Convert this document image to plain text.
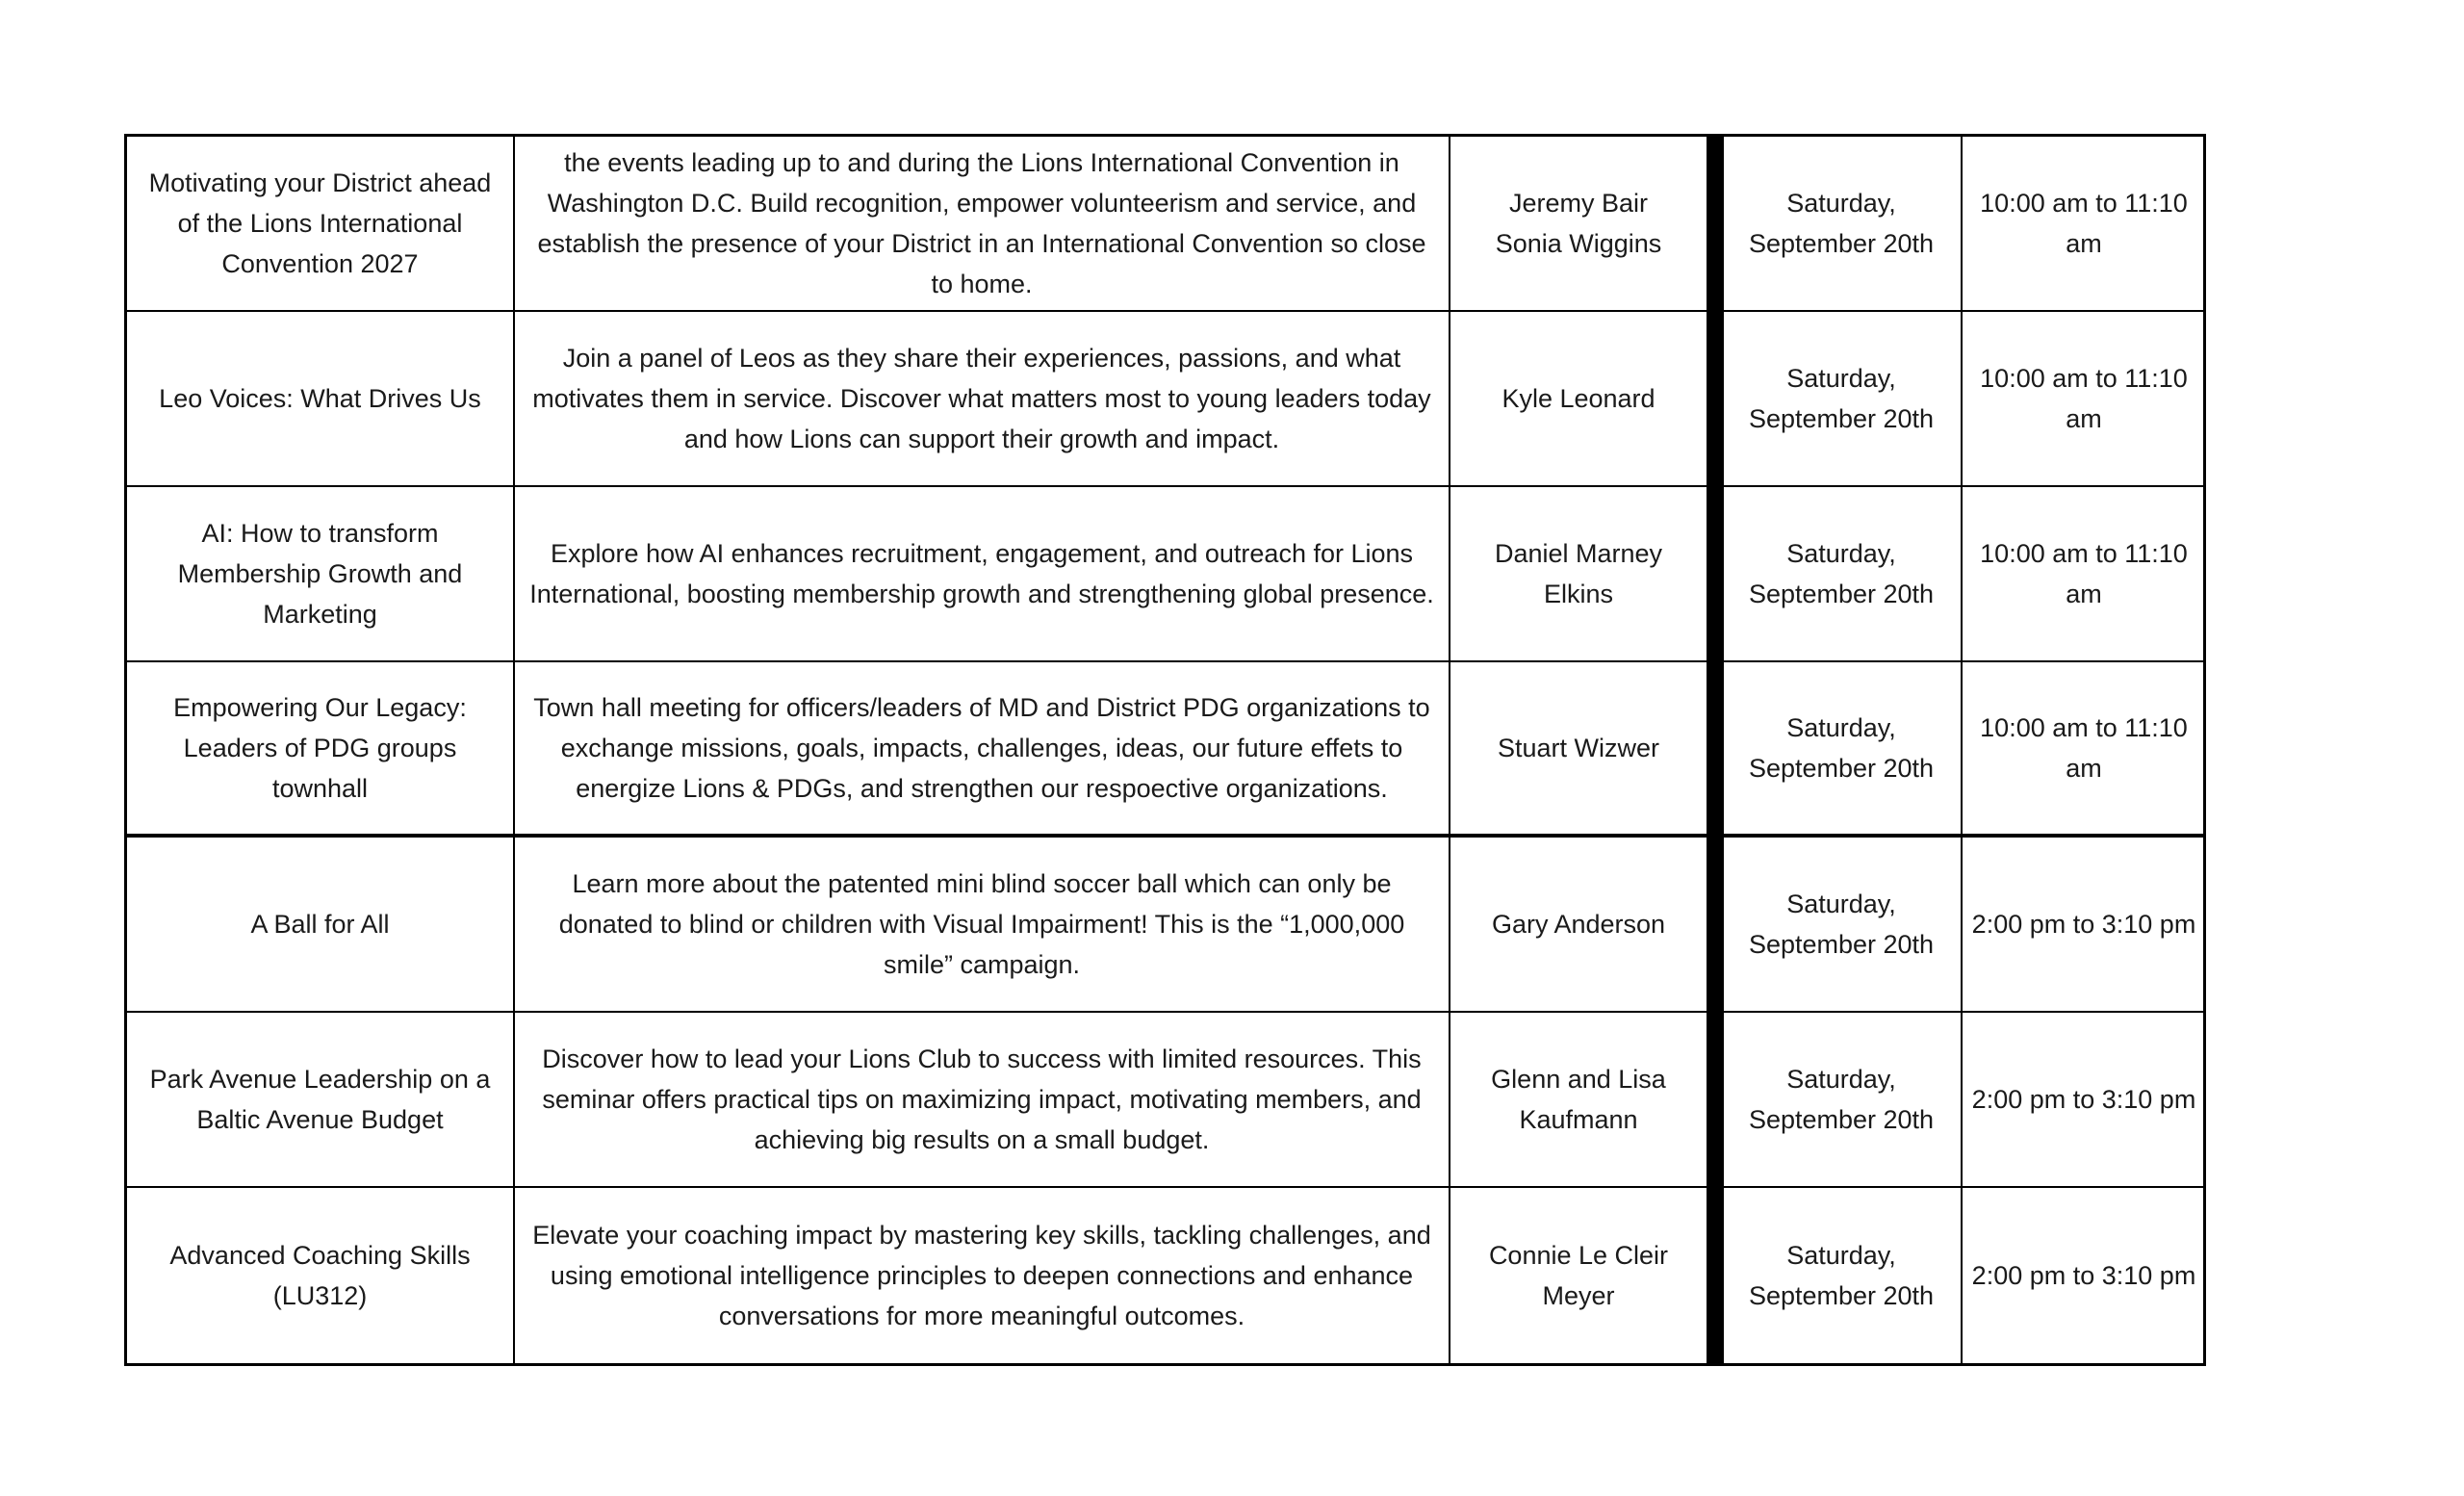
Motivating your District ahead of the Lions International Convention 2027
the events leading up to and during the Lions International Convention in Washington D.C. Build recognition, empower volunteerism and service, and establish the presence of your District in an International Convention so close to home.
Jeremy Bair      Sonia Wiggins
Saturday, September 20th
10:00 am to 11:10 am
Leo Voices: What Drives Us
Join a panel of Leos as they share their experiences, passions, and what motivates them in service. Discover what matters most to young leaders today and how Lions can support their growth and impact.
Kyle Leonard
Saturday, September 20th
10:00 am to 11:10 am
AI: How to transform Membership Growth and Marketing
Explore how AI enhances recruitment, engagement, and outreach for Lions International, boosting membership growth and strengthening global presence.
Daniel Marney Elkins
Saturday, September 20th
10:00 am to 11:10 am
Empowering Our Legacy: Leaders of PDG groups townhall
Town hall meeting for officers/leaders of MD and District PDG organizations to exchange missions, goals, impacts, challenges, ideas, our future effets to energize Lions & PDGs, and strengthen our respoective organizations.
Stuart Wizwer
Saturday, September 20th
10:00 am to 11:10 am
A Ball for All
Learn more about the patented mini blind soccer ball which can only be donated to blind or children with Visual Impairment! This is the “1,000,000 smile” campaign.
Gary Anderson
Saturday, September 20th
2:00 pm to 3:10 pm
Park Avenue Leadership on a Baltic Avenue Budget
Discover how to lead your Lions Club to success with limited resources. This seminar offers practical tips on maximizing impact, motivating members, and achieving big results on a small budget.
Glenn and Lisa Kaufmann
Saturday, September 20th
2:00 pm to 3:10 pm
Advanced Coaching Skills (LU312)
Elevate your coaching impact by mastering key skills, tackling challenges, and using emotional intelligence principles to deepen connections and enhance conversations for more meaningful outcomes.
Connie Le Cleir Meyer
Saturday, September 20th
2:00 pm to 3:10 pm
